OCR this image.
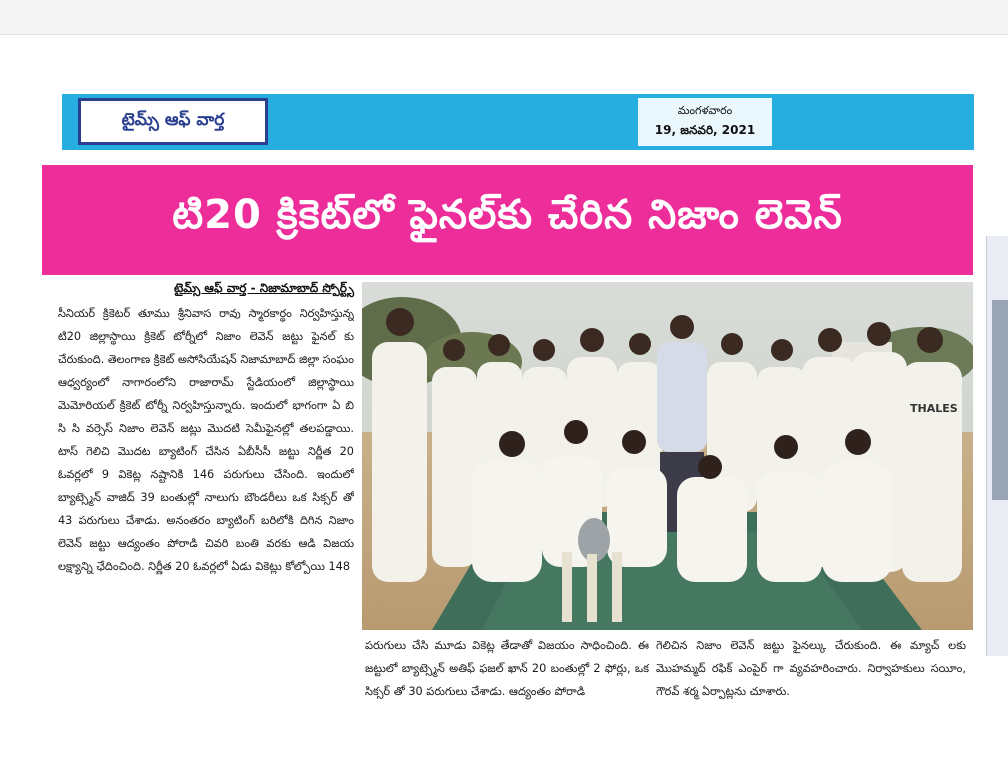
టైమ్స్ ఆఫ్ వార్త	మంగళవారం
19, జనవరి, 2021
టి20 క్రికెట్‌లో ఫైనల్‌కు చేరిన నిజాం లెవెన్
టైమ్స్ ఆఫ్ వార్త - నిజామాబాద్ స్పోర్ట్స్
సీనియర్ క్రికెటర్ తూము శ్రీనివాస రావు స్మారకార్థం నిర్వహిస్తున్న టి20 జిల్లాస్థాయి క్రికెట్ టోర్నీలో నిజాం లెవెన్ జట్టు ఫైనల్ కు చేరుకుంది. తెలంగాణ క్రికెట్ అసోసియేషన్ నిజామాబాద్ జిల్లా సంఘం ఆధ్వర్యంలో నాగారంలోని రాజారామ్ స్టేడియంలో జిల్లాస్థాయి మెమోరియల్ క్రికెట్ టోర్నీ నిర్వహిస్తున్నారు. ఇందులో భాగంగా ఏ బి సి సి వర్సెస్ నిజాం లెవెన్ జట్లు మొదటి సెమీఫైనల్లో తలపడ్డాయి. టాస్ గెలిచి మొదట బ్యాటింగ్ చేసిన ఏబీసీసీ జట్టు నిర్ణీత 20 ఓవర్లలో 9 వికెట్ల నష్టానికి 146 పరుగులు చేసింది. ఇందులో బ్యాట్స్మెన్ వాజిద్ 39 బంతుల్లో నాలుగు బౌండరీలు ఒక సిక్సర్ తో 43 పరుగులు చేశాడు. అనంతరం బ్యాటింగ్ బరిలోకి దిగిన నిజాం లెవెన్ జట్టు ఆద్యంతం పోరాడి చివరి బంతి వరకు ఆడి విజయ లక్ష్యాన్ని ఛేదించింది. నిర్ణీత 20 ఓవర్లలో ఏడు వికెట్లు కోల్పోయి 148
THALES
పరుగులు చేసి మూడు వికెట్ల తేడాతో విజయం సాధించింది. ఈ జట్టులో బ్యాట్స్మెన్ అతిఫ్ ఫజల్ ఖాన్ 20 బంతుల్లో 2 ఫోర్లు, ఒక సిక్సర్ తో 30 పరుగులు చేశాడు. ఆద్యంతం పోరాడి
గెలిచిన నిజాం లెవెన్ జట్టు ఫైనల్కు చేరుకుంది. ఈ మ్యాచ్ లకు మొహమ్మద్ రఫిక్ ఎంపైర్ గా వ్యవహరించారు. నిర్వాహకులు సయీం, గౌరవ్ శర్మ ఏర్పాట్లను చూశారు.
